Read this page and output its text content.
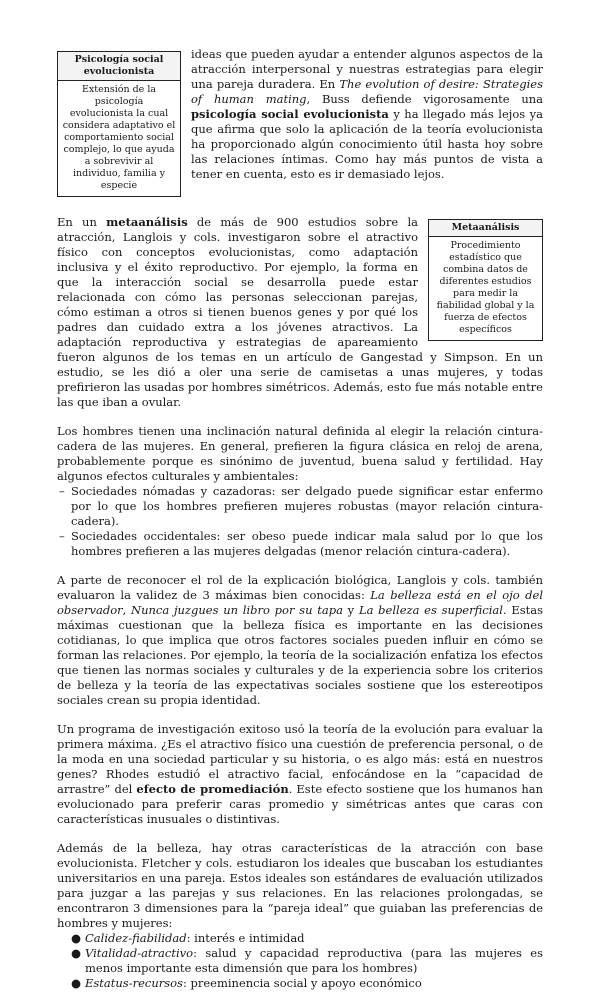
Psicología social evolucionista
Extensión de la psicología evolucionista la cual considera adaptativo el comportamiento social complejo, lo que ayuda a sobrevivir al individuo, familia y especie

ideas que pueden ayudar a entender algunos aspectos de la atracción interpersonal y nuestras estrategias para elegir una pareja duradera. En The evolution of desire: Strategies of human mating, Buss defiende vigorosamente una psicología social evolucionista y ha llegado más lejos ya que afirma que solo la aplicación de la teoría evolucionista ha proporcionado algún conocimiento útil hasta hoy sobre las relaciones íntimas. Como hay más puntos de vista a tener en cuenta, esto es ir demasiado lejos.

Metaanálisis
Procedimiento estadístico que combina datos de diferentes estudios para medir la fiabilidad global y la fuerza de efectos específicos

En un metaanálisis de más de 900 estudios sobre la atracción, Langlois y cols. investigaron sobre el atractivo físico con conceptos evolucionistas, como adaptación inclusiva y el éxito reproductivo. Por ejemplo, la forma en que la interacción social se desarrolla puede estar relacionada con cómo las personas seleccionan parejas, cómo estiman a otros si tienen buenos genes y por qué los padres dan cuidado extra a los jóvenes atractivos. La adaptación reproductiva y estrategias de apareamiento fueron algunos de los temas en un artículo de Gangestad y Simpson. En un estudio, se les dió a oler una serie de camisetas a unas mujeres, y todas prefirieron las usadas por hombres simétricos. Además, esto fue más notable entre las que iban a ovular.

Los hombres tienen una inclinación natural definida al elegir la relación cintura-cadera de las mujeres. En general, prefieren la figura clásica en reloj de arena, probablemente porque es sinónimo de juventud, buena salud y fertilidad. Hay algunos efectos culturales y ambientales:

– Sociedades nómadas y cazadoras: ser delgado puede significar estar enfermo por lo que los hombres prefieren mujeres robustas (mayor relación cintura-cadera).
– Sociedades occidentales: ser obeso puede indicar mala salud por lo que los hombres prefieren a las mujeres delgadas (menor relación cintura-cadera).

A parte de reconocer el rol de la explicación biológica, Langlois y cols. también evaluaron la validez de 3 máximas bien conocidas: La belleza está en el ojo del observador, Nunca juzgues un libro por su tapa y La belleza es superficial. Estas máximas cuestionan que la belleza física es importante en las decisiones cotidianas, lo que implica que otros factores sociales pueden influir en cómo se forman las relaciones. Por ejemplo, la teoría de la socialización enfatiza los efectos que tienen las normas sociales y culturales y de la experiencia sobre los criterios de belleza y la teoría de las expectativas sociales sostiene que los estereotipos sociales crean su propia identidad.

Un programa de investigación exitoso usó la teoría de la evolución para evaluar la primera máxima. ¿Es el atractivo físico una cuestión de preferencia personal, o de la moda en una sociedad particular y su historia, o es algo más: está en nuestros genes? Rhodes estudió el atractivo facial, enfocándose en la “capacidad de arrastre” del efecto de promediación. Este efecto sostiene que los humanos han evolucionado para preferir caras promedio y simétricas antes que caras con características inusuales o distintivas.

Además de la belleza, hay otras características de la atracción con base evolucionista. Fletcher y cols. estudiaron los ideales que buscaban los estudiantes universitarios en una pareja. Estos ideales son estándares de evaluación utilizados para juzgar a las parejas y sus relaciones. En las relaciones prolongadas, se encontraron 3 dimensiones para la “pareja ideal” que guiaban las preferencias de hombres y mujeres:

● Calidez-fiabilidad: interés e intimidad
● Vitalidad-atractivo: salud y capacidad reproductiva (para las mujeres es menos importante esta dimensión que para los hombres)
● Estatus-recursos: preeminencia social y apoyo económico
